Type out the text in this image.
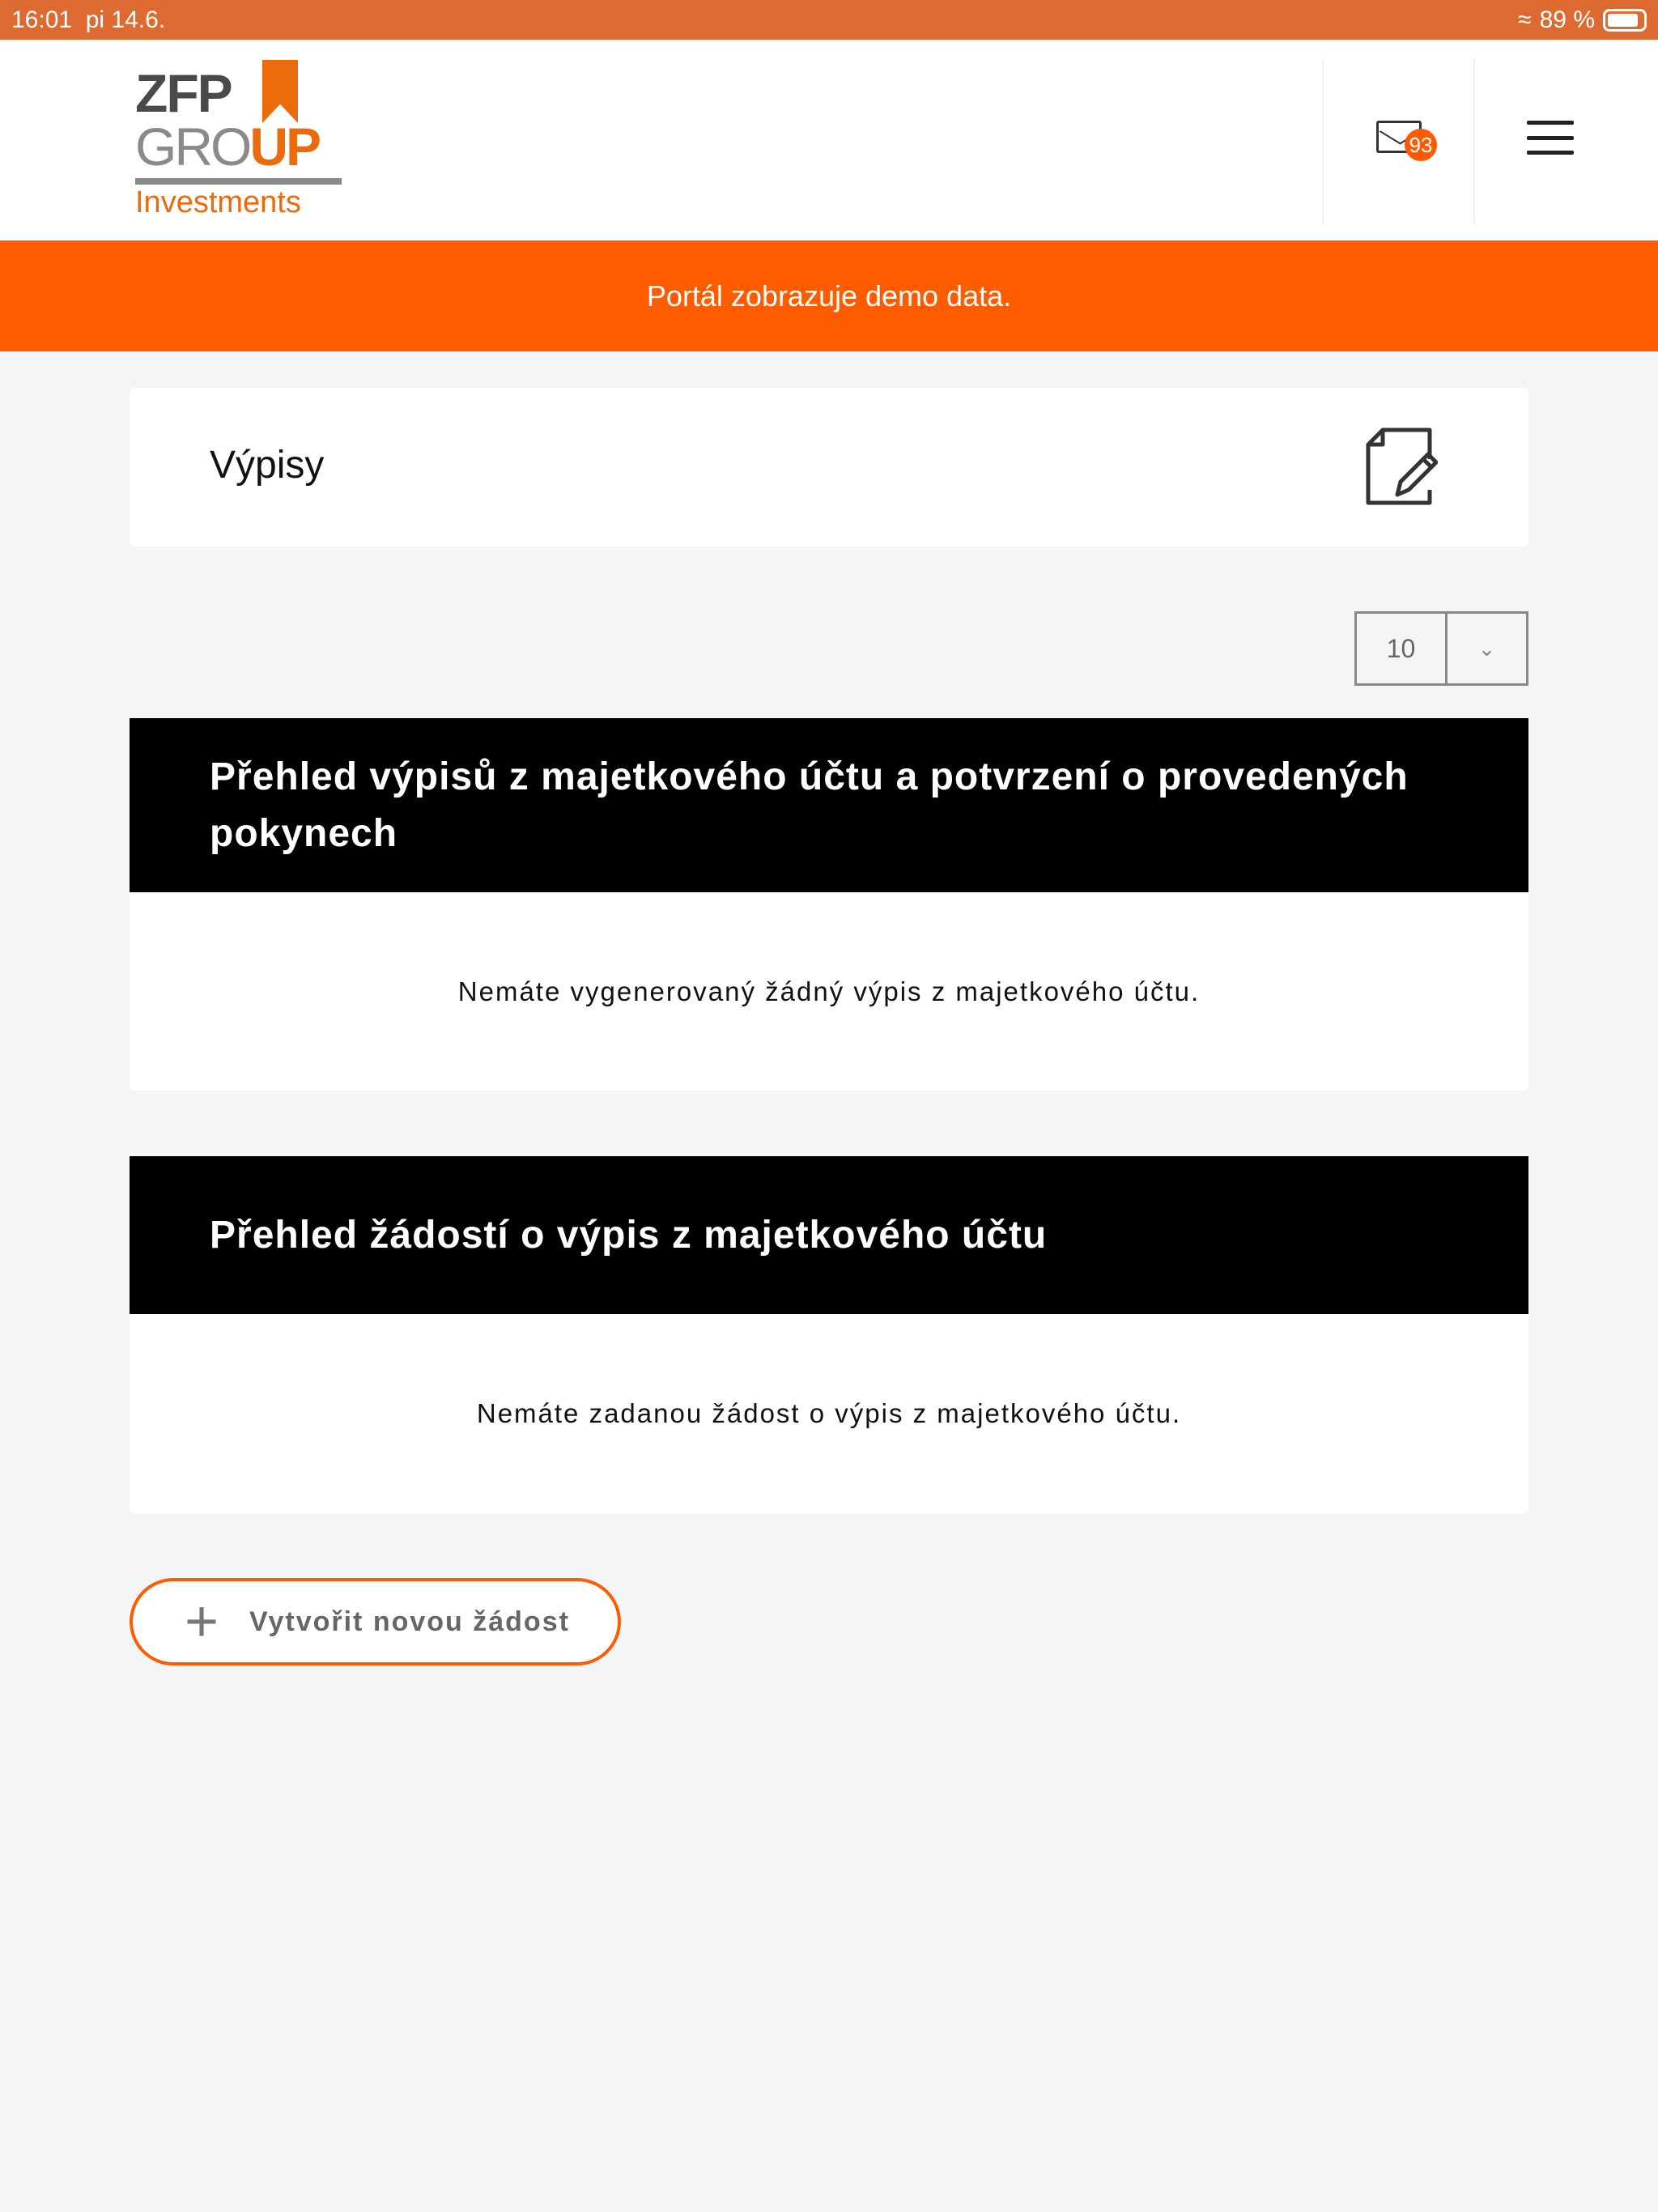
16:01
pi 14.6.	≈ 89 %
ZFP
GROUP
Investments
93
Portál zobrazuje demo data.
Výpisy
10	⌄
Přehled výpisů z majetkového účtu a potvrzení o provedených pokynech
Nemáte vygenerovaný žádný výpis z majetkového účtu.
Přehled žádostí o výpis z majetkového účtu
Nemáte zadanou žádost o výpis z majetkového účtu.
+ Vytvořit novou žádost
